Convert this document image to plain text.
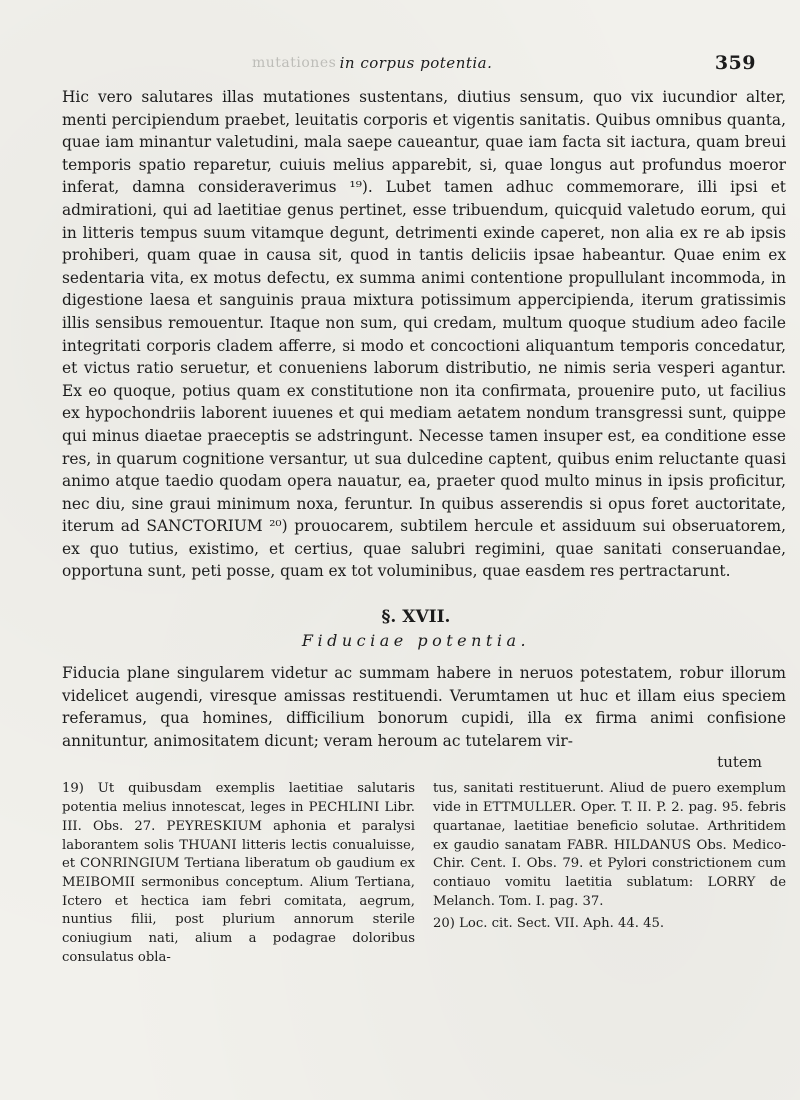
mutationes in corpus potentia.	359

Hic vero salutares illas mutationes sustentans, diutius sensum, quo vix iucundior alter, menti percipiendum praebet, leuitatis corporis et vigentis sanitatis. Quibus omnibus quanta, quae iam minantur valetudini, mala saepe caueantur, quae iam facta sit iactura, quam breui temporis spatio reparetur, cuiuis melius apparebit, si, quae longus aut profundus moeror inferat, damna consideraverimus ¹⁹). Lubet tamen adhuc commemorare, illi ipsi et admirationi, qui ad laetitiae genus pertinet, esse tribuendum, quicquid valetudo eorum, qui in litteris tempus suum vitamque degunt, detrimenti exinde caperet, non alia ex re ab ipsis prohiberi, quam quae in causa sit, quod in tantis deliciis ipsae habeantur. Quae enim ex sedentaria vita, ex motus defectu, ex summa animi contentione propullulant incommoda, in digestione laesa et sanguinis praua mixtura potissimum appercipienda, iterum gratissimis illis sensibus remouentur. Itaque non sum, qui credam, multum quoque studium adeo facile integritati corporis cladem afferre, si modo et concoctioni aliquantum temporis concedatur, et victus ratio seruetur, et conueniens laborum distributio, ne nimis seria vesperi agantur. Ex eo quoque, potius quam ex constitutione non ita confirmata, prouenire puto, ut facilius ex hypochondriis laborent iuuenes et qui mediam aetatem nondum transgressi sunt, quippe qui minus diaetae praeceptis se adstringunt. Necesse tamen insuper est, ea conditione esse res, in quarum cognitione versantur, ut sua dulcedine captent, quibus enim reluctante quasi animo atque taedio quodam opera nauatur, ea, praeter quod multo minus in ipsis proficitur, nec diu, sine graui minimum noxa, feruntur. In quibus asserendis si opus foret auctoritate, iterum ad SANCTORIUM ²⁰) prouocarem, subtilem hercule et assiduum sui obseruatorem, ex quo tutius, existimo, et certius, quae salubri regimini, quae sanitati conseruandae, opportuna sunt, peti posse, quam ex tot voluminibus, quae easdem res pertractarunt.

§. XVII.
Fiduciae potentia.

Fiducia plane singularem videtur ac summam habere in neruos potestatem, robur illorum videlicet augendi, viresque amissas restituendi. Verumtamen ut huc et illam eius speciem referamus, qua homines, difficilium bonorum cupidi, illa ex firma animi confisione annituntur, animositatem dicunt; veram heroum ac tutelarem vir-

tutem

19) Ut quibusdam exemplis laetitiae salutaris potentia melius innotescat, leges in PECHLINI Libr. III. Obs. 27. PEYRESKIUM aphonia et paralysi laborantem solis THUANI litteris lectis conualuisse, et CONRINGIUM Tertiana liberatum ob gaudium ex MEIBOMII sermonibus conceptum. Alium Tertiana, Ictero et hectica iam febri comitata, aegrum, nuntius filii, post plurium annorum sterile coniugium nati, alium a podagrae doloribus consulatus obla-

tus, sanitati restituerunt. Aliud de puero exemplum vide in ETTMULLER. Oper. T. II. P. 2. pag. 95. febris quartanae, laetitiae beneficio solutae. Arthritidem ex gaudio sanatam FABR. HILDANUS Obs. Medico-Chir. Cent. I. Obs. 79. et Pylori constrictionem cum contiauo vomitu laetitia sublatum: LORRY de Melanch. Tom. I. pag. 37.

20) Loc. cit. Sect. VII. Aph. 44. 45.
